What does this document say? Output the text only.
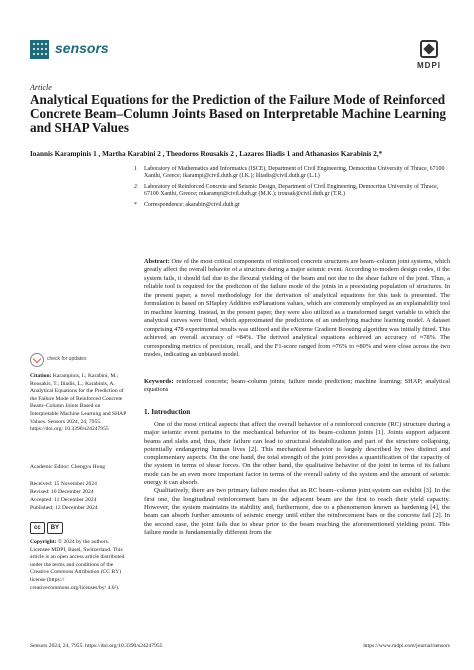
sensors
MDPI
Article
Analytical Equations for the Prediction of the Failure Mode of Reinforced Concrete Beam–Column Joints Based on Interpretable Machine Learning and SHAP Values
Ioannis Karampinis 1 , Martha Karabini 2 , Theodoros Rousakis 2 , Lazaros Iliadis 1 and Athanasios Karabinis 2,*
1 Laboratory of Mathematics and Informatics (ISCE), Department of Civil Engineering, Democritus University of Thrace, 67100 Xanthi, Greece; ikarampi@civil.duth.gr (I.K.); liliadis@civil.duth.gr (L.I.)
2 Laboratory of Reinforced Concrete and Seismic Design, Department of Civil Engineering, Democritus University of Thrace, 67100 Xanthi, Greece; mkarampi@civil.duth.gr (M.K.); trousak@civil.duth.gr (T.R.)
* Correspondence: akarabin@civil.duth.gr
Abstract: One of the most critical components of reinforced concrete structures are beam–column joint systems, which greatly affect the overall behavior of a structure during a major seismic event. According to modern design codes, if the system fails, it should fail due to the flexural yielding of the beam and not due to the shear failure of the joint. Thus, a reliable tool is required for the prediction of the failure mode of the joints in a preexisting population of structures. In the present paper, a novel methodology for the derivation of analytical equations for this task is presented. The formulation is based on SHapley Additive exPlanations values, which are commonly employed as an explainability tool in machine learning. Instead, in the present paper, they were also utilized as a transformed target variable to which the analytical curves were fitted, which approximated the predictions of an underlying machine learning model. A dataset comprising 478 experimental results was utilized and the eXtreme Gradient Boosting algorithm was initially fitted. This achieved an overall accuracy of ≈84%. The derived analytical equations achieved an accuracy of ≈78%. The corresponding metrics of precision, recall, and the F1-score ranged from ≈76% to ≈80% and were close across the two modes, indicating an unbiased model.
Keywords: reinforced concrete; beam–column joints; failure mode prediction; machine learning; SHAP; analytical equations
check for updates
Citation: Karampinis, I.; Karabini, M.; Rousakis, T.; Iliadis, L.; Karabinis, A. Analytical Equations for the Prediction of the Failure Mode of Reinforced Concrete Beam–Column Joints Based on Interpretable Machine Learning and SHAP Values. Sensors 2024, 24, 7955. https://doi.org/ 10.3390/s24247955
Academic Editor: Chengyu Hong
Received: 15 November 2024
Revised: 10 December 2024
Accepted: 11 December 2024
Published: 12 December 2024
cc	BY
Copyright: © 2024 by the authors. Licensee MDPI, Basel, Switzerland. This article is an open access article distributed under the terms and conditions of the Creative Commons Attribution (CC BY) license (https:// creativecommons.org/licenses/by/ 4.0/).
1. Introduction

One of the most critical aspects that affect the overall behavior of a reinforced concrete (RC) structure during a major seismic event pertains to the mechanical behavior of its beam–column joints [1]. Joints support adjacent beams and slabs and, thus, their failure can lead to structural destabilization and part of the structure collapsing, potentially endangering human lives [2]. This mechanical behavior is largely described by two distinct and complementary aspects. On the one hand, the total strength of the joint provides a quantification of the capacity of the system in terms of shear forces. On the other hand, the qualitative behavior of the joint in terms of its failure mode can be an even more important factor in terms of the overall safety of the system and the amount of seismic energy it can absorb.

Qualitatively, there are two primary failure modes that an RC beam–column joint system can exhibit [3]. In the first one, the longitudinal reinforcement bars in the adjacent beam are the first to reach their yield capacity. However, the system maintains its stability and, furthermore, due to a phenomenon known as hardening [4], the beam can absorb further amounts of seismic energy until either the reinforcement bars or the concrete fail [2]. In the second case, the joint fails due to shear prior to the beam reaching the aforementioned yielding point. This failure mode is fundamentally different from the

Sensors 2024, 24, 7955. https://doi.org/10.3390/s24247955	https://www.mdpi.com/journal/sensors
